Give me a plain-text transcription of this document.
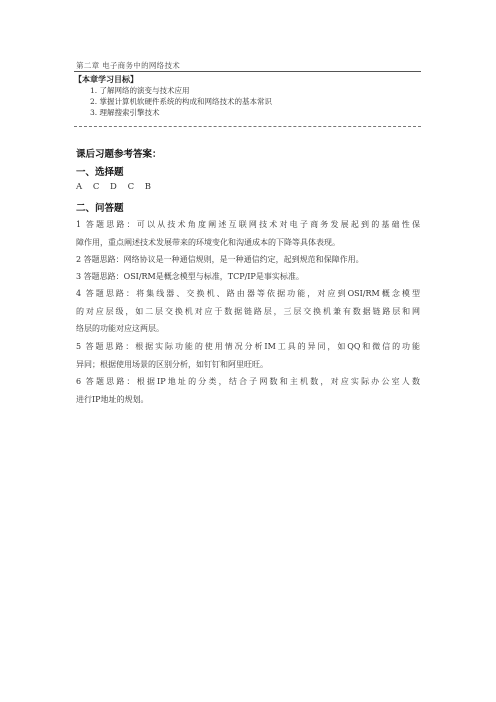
第二章 电子商务中的网络技术
【本章学习目标】
1. 了解网络的演变与技术应用
2. 掌握计算机软硬件系统的构成和网络技术的基本常识
3. 理解搜索引擎技术
课后习题参考答案：
一、选择题
A C D C B
二、问答题
1 答题思路：可以从技术角度阐述互联网技术对电子商务发展起到的基础性保
障作用，重点阐述技术发展带来的环境变化和沟通成本的下降等具体表现。
2 答题思路：网络协议是一种通信规则，是一种通信约定，起到规范和保障作用。
3 答题思路：OSI/RM是概念模型与标准，TCP/IP是事实标准。
4 答题思路：将集线器、交换机、路由器等依据功能，对应到OSI/RM概念模型
的对应层级，如二层交换机对应于数据链路层，三层交换机兼有数据链路层和网
络层的功能对应这两层。
5 答题思路：根据实际功能的使用情况分析IM工具的异同，如QQ和微信的功能
异同；根据使用场景的区别分析，如钉钉和阿里旺旺。
6 答题思路：根据IP地址的分类，结合子网数和主机数，对应实际办公室人数
进行IP地址的规划。
